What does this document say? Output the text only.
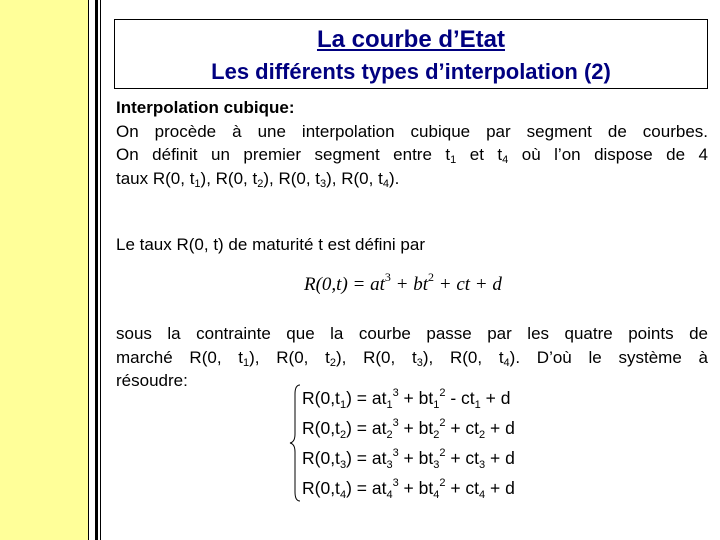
La courbe d’Etat
Les différents types d’interpolation (2)
Interpolation cubique:
On procède à une interpolation cubique par segment de courbes.
On définit un premier segment entre $t_1$ et $t_4$ où l’on dispose de 4
taux R(0, $t_1$), R(0, $t_2$), R(0, $t_3$), R(0, $t_4$).
Le taux R(0, t) de maturité t est défini par
$R(0,t) = at^3 + bt^2$ + ct + d
sous la contrainte que la courbe passe par les quatre points de
marché R(0, $t_1$), R(0, $t_2$), R(0, $t_3$), R(0, $t_4$). D’où le système à
résoudre:
$R(0,t_1) = at_1^3 + bt_1^2 - ct_1 + d$
$R(0,t_2) = at_2^3 + bt_2^2 + ct_2 + d$
$R(0,t_3) = at_3^3 + bt_3^2 + ct_3 + d$
$R(0,t_4) = at_4^3 + bt_4^2 + ct_4 + d$
